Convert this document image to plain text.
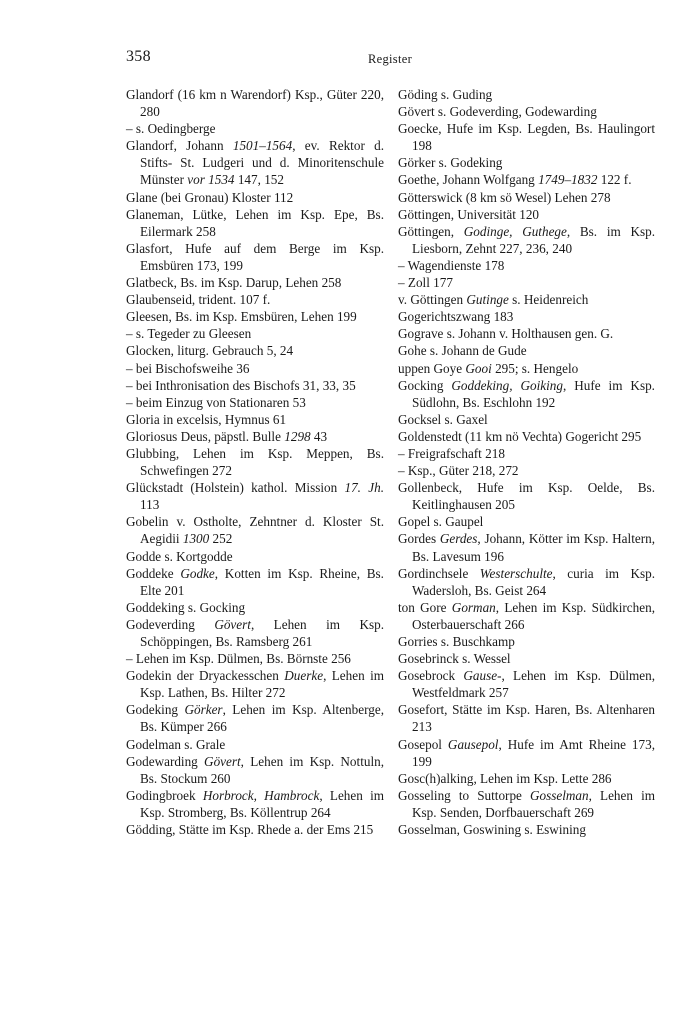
358	Register

Glandorf (16 km n Warendorf) Ksp., Güter 220, 280

– s. Oedingberge

Glandorf, Johann 1501–1564, ev. Rektor d. Stifts- St. Ludgeri und d. Minoritenschule Münster vor 1534 147, 152

Glane (bei Gronau) Kloster 112

Glaneman, Lütke, Lehen im Ksp. Epe, Bs. Eilermark 258

Glasfort, Hufe auf dem Berge im Ksp. Emsbüren 173, 199

Glatbeck, Bs. im Ksp. Darup, Lehen 258

Glaubenseid, trident. 107 f.

Gleesen, Bs. im Ksp. Emsbüren, Lehen 199

– s. Tegeder zu Gleesen

Glocken, liturg. Gebrauch 5, 24

– bei Bischofsweihe 36

– bei Inthronisation des Bischofs 31, 33, 35

– beim Einzug von Stationaren 53

Gloria in excelsis, Hymnus 61

Gloriosus Deus, päpstl. Bulle 1298 43

Glubbing, Lehen im Ksp. Meppen, Bs. Schwefingen 272

Glückstadt (Holstein) kathol. Mission 17. Jh. 113

Gobelin v. Ostholte, Zehntner d. Kloster St. Aegidii 1300 252

Godde s. Kortgodde

Goddeke Godke, Kotten im Ksp. Rheine, Bs. Elte 201

Goddeking s. Gocking

Godeverding Gövert, Lehen im Ksp. Schöppingen, Bs. Ramsberg 261

– Lehen im Ksp. Dülmen, Bs. Börnste 256

Godekin der Dryackesschen Duerke, Lehen im Ksp. Lathen, Bs. Hilter 272

Godeking Görker, Lehen im Ksp. Altenberge, Bs. Kümper 266

Godelman s. Grale

Godewarding Gövert, Lehen im Ksp. Nottuln, Bs. Stockum 260

Godingbroek Horbrock, Hambrock, Lehen im Ksp. Stromberg, Bs. Köllentrup 264

Gödding, Stätte im Ksp. Rhede a. der Ems 215

Göding s. Guding

Gövert s. Godeverding, Godewarding

Goecke, Hufe im Ksp. Legden, Bs. Haulingort 198

Görker s. Godeking

Goethe, Johann Wolfgang 1749–1832 122 f.

Götterswick (8 km sö Wesel) Lehen 278

Göttingen, Universität 120

Göttingen, Godinge, Guthege, Bs. im Ksp. Liesborn, Zehnt 227, 236, 240

– Wagendienste 178

– Zoll 177

v. Göttingen Gutinge s. Heidenreich

Gogerichtszwang 183

Gograve s. Johann v. Holthausen gen. G.

Gohe s. Johann de Gude

uppen Goye Gooi 295; s. Hengelo

Gocking Goddeking, Goiking, Hufe im Ksp. Südlohn, Bs. Eschlohn 192

Gocksel s. Gaxel

Goldenstedt (11 km nö Vechta) Gogericht 295

– Freigrafschaft 218

– Ksp., Güter 218, 272

Gollenbeck, Hufe im Ksp. Oelde, Bs. Keitlinghausen 205

Gopel s. Gaupel

Gordes Gerdes, Johann, Kötter im Ksp. Haltern, Bs. Lavesum 196

Gordinchsele Westerschulte, curia im Ksp. Wadersloh, Bs. Geist 264

ton Gore Gorman, Lehen im Ksp. Südkirchen, Osterbauerschaft 266

Gorries s. Buschkamp

Gosebrinck s. Wessel

Gosebrock Gause-, Lehen im Ksp. Dülmen, Westfeldmark 257

Gosefort, Stätte im Ksp. Haren, Bs. Altenharen 213

Gosepol Gausepol, Hufe im Amt Rheine 173, 199

Gosc(h)alking, Lehen im Ksp. Lette 286

Gosseling to Suttorpe Gosselman, Lehen im Ksp. Senden, Dorfbauerschaft 269

Gosselman, Goswining s. Eswining
